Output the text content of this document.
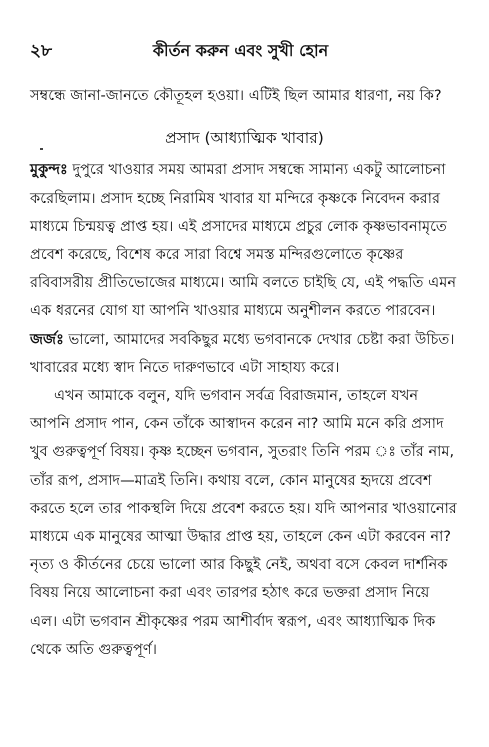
২৮	কীর্তন করুন এবং সুখী হোন

সম্বন্ধে জানা-জানতে কৌতূহল হওয়া। এটিই ছিল আমার ধারণা, নয় কি?

প্রসাদ (আধ্যাত্মিক খাবার)

মুকুন্দঃ দুপুরে খাওয়ার সময় আমরা প্রসাদ সম্বন্ধে সামান্য একটু আলোচনা করেছিলাম। প্রসাদ হচ্ছে নিরামিষ খাবার যা মন্দিরে কৃষ্ণকে নিবেদন করার মাধ্যমে চিন্ময়ত্ব প্রাপ্ত হয়। এই প্রসাদের মাধ্যমে প্রচুর লোক কৃষ্ণভাবনামৃতে প্রবেশ করেছে, বিশেষ করে সারা বিশ্বে সমস্ত মন্দিরগুলোতে কৃষ্ণের রবিবাসরীয় প্রীতিভোজের মাধ্যমে। আমি বলতে চাইছি যে, এই পদ্ধতি এমন এক ধরনের যোগ যা আপনি খাওয়ার মাধ্যমে অনুশীলন করতে পারবেন।

জর্জঃ ভালো, আমাদের সবকিছুর মধ্যে ভগবানকে দেখার চেষ্টা করা উচিত। খাবারের মধ্যে স্বাদ নিতে দারুণভাবে এটা সাহায্য করে।

এখন আমাকে বলুন, যদি ভগবান সর্বত্র বিরাজমান, তাহলে যখন আপনি প্রসাদ পান, কেন তাঁকে আস্বাদন করেন না? আমি মনে করি প্রসাদ খুব গুরুত্বপূর্ণ বিষয়। কৃষ্ণ হচ্ছেন ভগবান, সুতরাং তিনি পরম ঃ তাঁর নাম, তাঁর রূপ, প্রসাদ—মাত্রই তিনি। কথায় বলে, কোন মানুষের হৃদয়ে প্রবেশ করতে হলে তার পাকস্থলি দিয়ে প্রবেশ করতে হয়। যদি আপনার খাওয়ানোর মাধ্যমে এক মানুষের আত্মা উদ্ধার প্রাপ্ত হয়, তাহলে কেন এটা করবেন না? নৃত্য ও কীর্তনের চেয়ে ভালো আর কিছুই নেই, অথবা বসে কেবল দার্শনিক বিষয় নিয়ে আলোচনা করা এবং তারপর হঠাৎ করে ভক্তরা প্রসাদ নিয়ে এল। এটা ভগবান শ্রীকৃষ্ণের পরম আশীর্বাদ স্বরূপ, এবং আধ্যাত্মিক দিক থেকে অতি গুরুত্বপূর্ণ।
